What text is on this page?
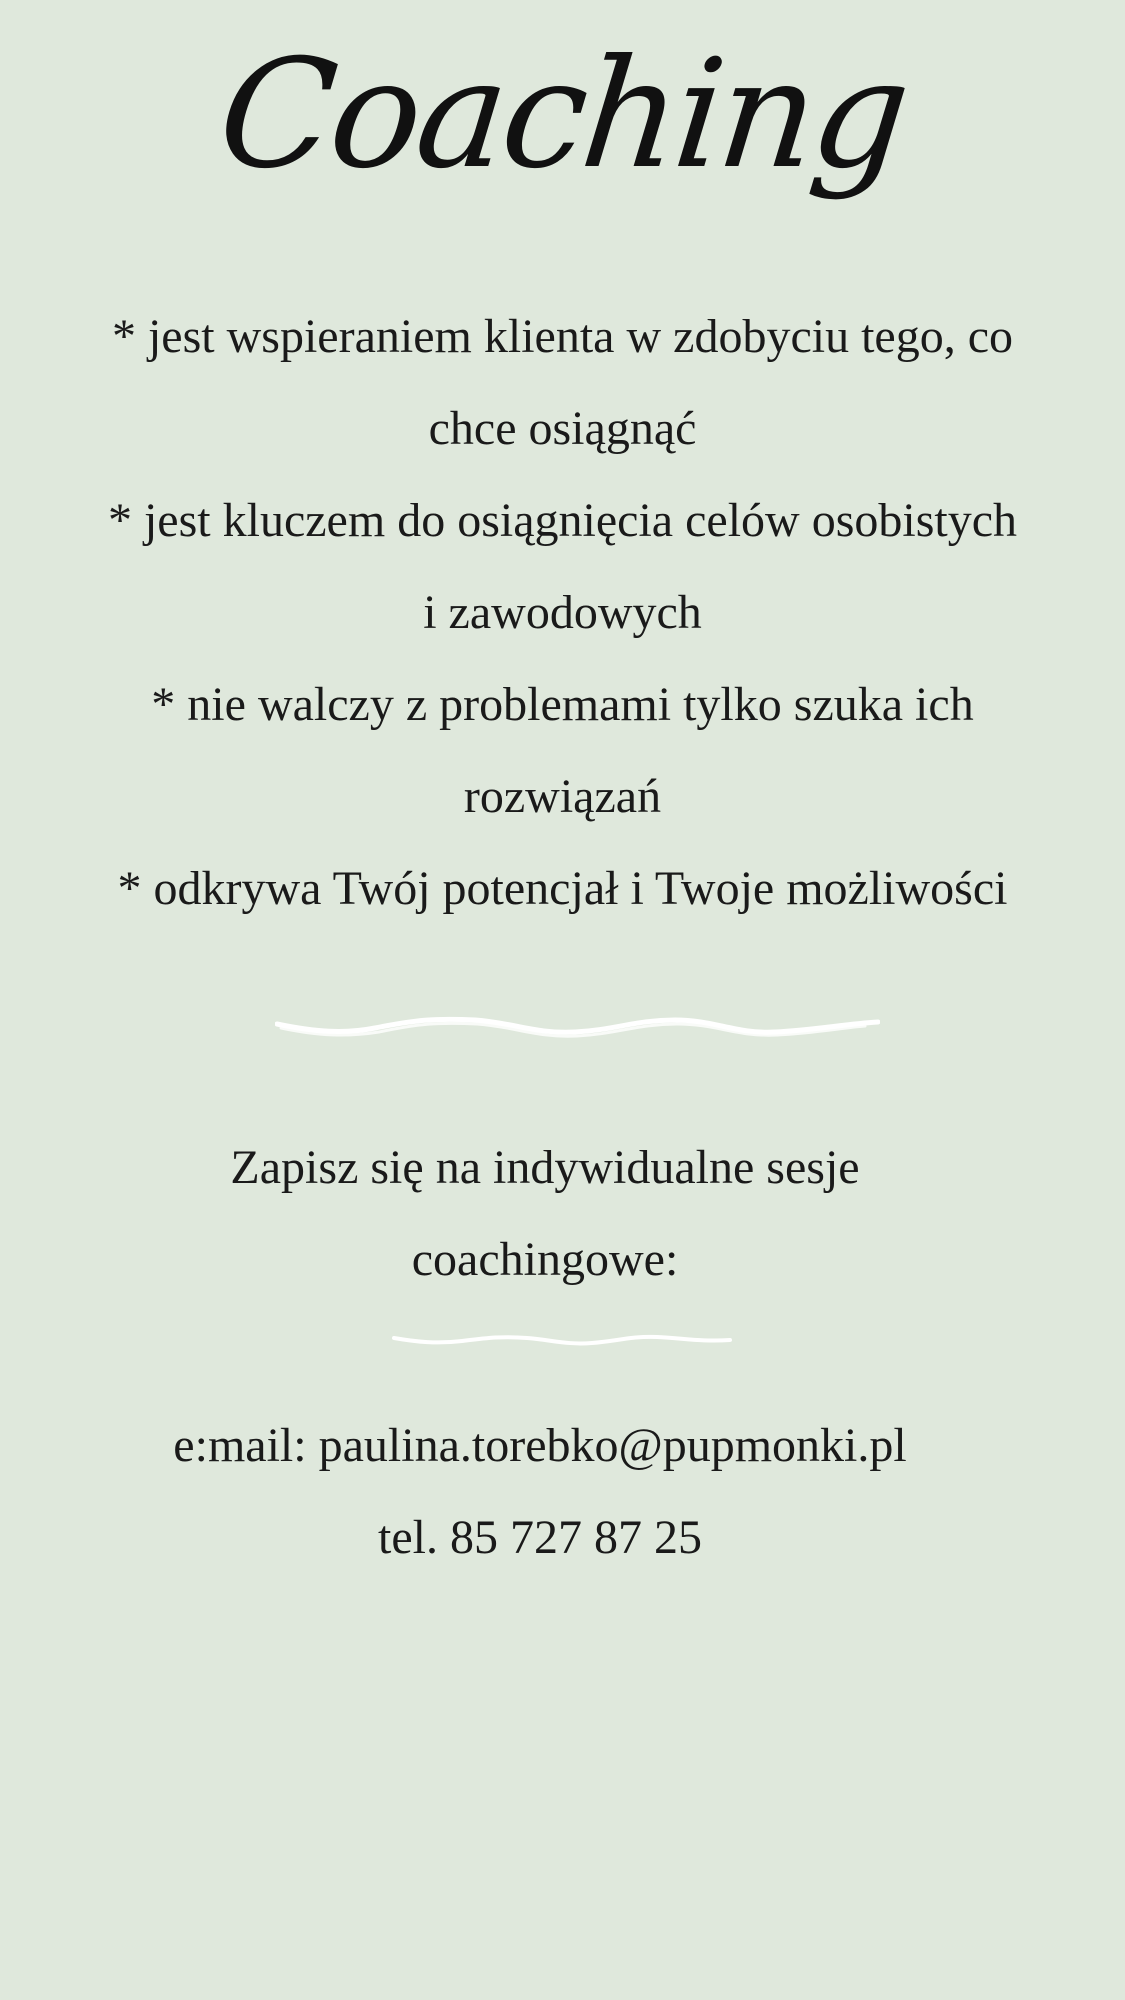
Coaching

* jest wspieraniem klienta w zdobyciu tego, co chce osiągnąć

* jest kluczem do osiągnięcia celów osobistych i zawodowych

* nie walczy z problemami tylko szuka ich rozwiązań

* odkrywa Twój potencjał i Twoje możliwości

Zapisz się na indywidualne sesje coachingowe:

e:mail: paulina.torebko@pupmonki.pl

tel. 85 727 87 25
